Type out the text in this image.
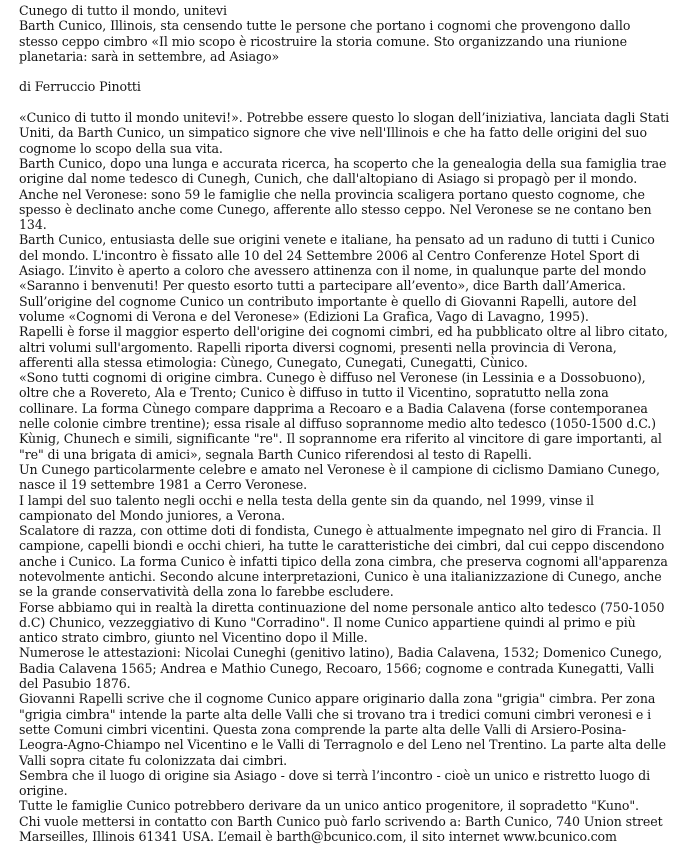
Cunego di tutto il mondo, unitevi

Barth Cunico, Illinois, sta censendo tutte le persone che portano i cognomi che provengono dallo stesso ceppo cimbro «Il mio scopo è ricostruire la storia comune. Sto organizzando una riunione planetaria: sarà in settembre, ad Asiago»

di Ferruccio Pinotti

«Cunico di tutto il mondo unitevi!». Potrebbe essere questo lo slogan dell’iniziativa, lanciata dagli Stati Uniti, da Barth Cunico, un simpatico signore che vive nell'Illinois e che ha fatto delle origini del suo cognome lo scopo della sua vita.

Barth Cunico, dopo una lunga e accurata ricerca, ha scoperto che la genealogia della sua famiglia trae origine dal nome tedesco di Cunegh, Cunich, che dall'altopiano di Asiago si propagò per il mondo. Anche nel Veronese: sono 59 le famiglie che nella provincia scaligera portano questo cognome, che spesso è declinato anche come Cunego, afferente allo stesso ceppo. Nel Veronese se ne contano ben 134.

Barth Cunico, entusiasta delle sue origini venete e italiane, ha pensato ad un raduno di tutti i Cunico del mondo. L'incontro è fissato alle 10 del 24 Settembre 2006 al Centro Conferenze Hotel Sport di Asiago. L’invito è aperto a coloro che avessero attinenza con il nome, in qualunque parte del mondo «Saranno i benvenuti! Per questo esorto tutti a partecipare all’evento», dice Barth dall’America.

Sull’origine del cognome Cunico un contributo importante è quello di Giovanni Rapelli, autore del volume «Cognomi di Verona e del Veronese» (Edizioni La Grafica, Vago di Lavagno, 1995).

Rapelli è forse il maggior esperto dell'origine dei cognomi cimbri, ed ha pubblicato oltre al libro citato, altri volumi sull'argomento. Rapelli riporta diversi cognomi, presenti nella provincia di Verona, afferenti alla stessa etimologia: Cùnego, Cunegato, Cunegati, Cunegatti, Cùnico.

«Sono tutti cognomi di origine cimbra. Cunego è diffuso nel Veronese (in Lessinia e a Dossobuono), oltre che a Rovereto, Ala e Trento; Cunico è diffuso in tutto il Vicentino, sopratutto nella zona collinare. La forma Cùnego compare dapprima a Recoaro e a Badia Calavena (forse contemporanea nelle colonie cimbre trentine); essa risale al diffuso soprannome medio alto tedesco (1050-1500 d.C.) Kùnig, Chunech e simili, significante "re". Il soprannome era riferito al vincitore di gare importanti, al "re" di una brigata di amici», segnala Barth Cunico riferendosi al testo di Rapelli.

Un Cunego particolarmente celebre e amato nel Veronese è il campione di ciclismo Damiano Cunego, nasce il 19 settembre 1981 a Cerro Veronese.

I lampi del suo talento negli occhi e nella testa della gente sin da quando, nel 1999, vinse il campionato del Mondo juniores, a Verona.

Scalatore di razza, con ottime doti di fondista, Cunego è attualmente impegnato nel giro di Francia. Il campione, capelli biondi e occhi chieri, ha tutte le caratteristiche dei cimbri, dal cui ceppo discendono anche i Cunico. La forma Cunico è infatti tipico della zona cimbra, che preserva cognomi all'apparenza notevolmente antichi. Secondo alcune interpretazioni, Cunico è una italianizzazione di Cunego, anche se la grande conservatività della zona lo farebbe escludere.

Forse abbiamo qui in realtà la diretta continuazione del nome personale antico alto tedesco (750-1050 d.C) Chunico, vezzeggiativo di Kuno "Corradino". Il nome Cunico appartiene quindi al primo e più antico strato cimbro, giunto nel Vicentino dopo il Mille.

Numerose le attestazioni: Nicolai Cuneghi (genitivo latino), Badia Calavena, 1532; Domenico Cunego, Badia Calavena 1565; Andrea e Mathio Cunego, Recoaro, 1566; cognome e contrada Kunegatti, Valli del Pasubio 1876.

Giovanni Rapelli scrive che il cognome Cunico appare originario dalla zona "grigia" cimbra. Per zona "grigia cimbra" intende la parte alta delle Valli che si trovano tra i tredici comuni cimbri veronesi e i sette Comuni cimbri vicentini. Questa zona comprende la parte alta delle Valli di Arsiero-Posina-Leogra-Agno-Chiampo nel Vicentino e le Valli di Terragnolo e del Leno nel Trentino. La parte alta delle Valli sopra citate fu colonizzata dai cimbri.

Sembra che il luogo di origine sia Asiago - dove si terrà l’incontro - cioè un unico e ristretto luogo di origine.

Tutte le famiglie Cunico potrebbero derivare da un unico antico progenitore, il sopradetto "Kuno".

Chi vuole mettersi in contatto con Barth Cunico può farlo scrivendo a: Barth Cunico, 740 Union street Marseilles, Illinois 61341 USA. L’email è barth@bcunico.com, il sito internet www.bcunico.com
